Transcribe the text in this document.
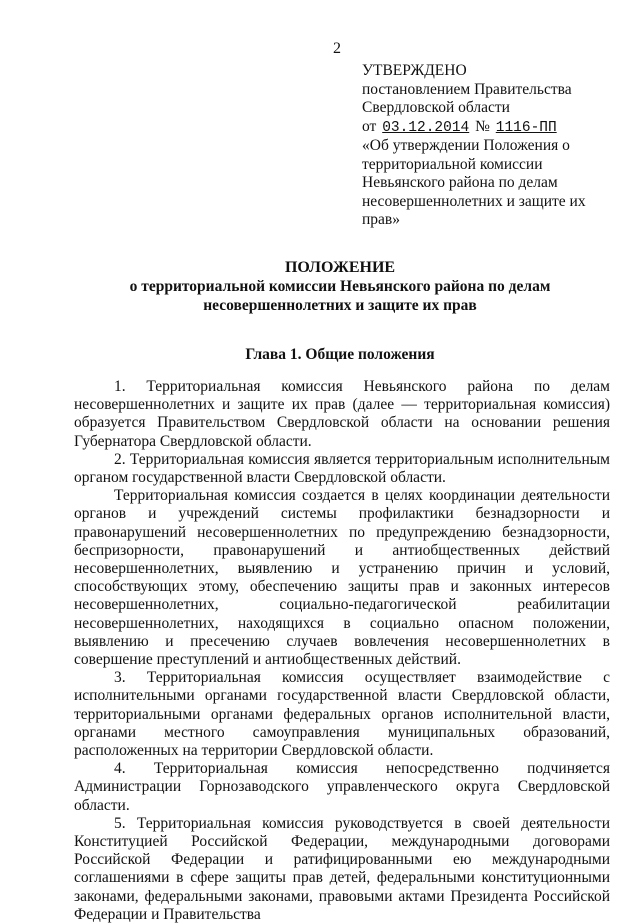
2
УТВЕРЖДЕНО
постановлением Правительства
Свердловской области
от 03.12.2014 № 1116-ПП
«Об утверждении Положения о территориальной комиссии Невьянского района по делам несовершеннолетних и защите их прав»
ПОЛОЖЕНИЕ
о территориальной комиссии Невьянского района по делам
несовершеннолетних и защите их прав
Глава 1. Общие положения

1. Территориальная комиссия Невьянского района по делам несовершеннолетних и защите их прав (далее — территориальная комиссия) образуется Правительством Свердловской области на основании решения Губернатора Свердловской области.

2. Территориальная комиссия является территориальным исполнительным органом государственной власти Свердловской области.

Территориальная комиссия создается в целях координации деятельности органов и учреждений системы профилактики безнадзорности и правонарушений несовершеннолетних по предупреждению безнадзорности, беспризорности, правонарушений и антиобщественных действий несовершеннолетних, выявлению и устранению причин и условий, способствующих этому, обеспечению защиты прав и законных интересов несовершеннолетних, социально-педагогической реабилитации несовершеннолетних, находящихся в социально опасном положении, выявлению и пресечению случаев вовлечения несовершеннолетних в совершение преступлений и антиобщественных действий.

3. Территориальная комиссия осуществляет взаимодействие с исполнительными органами государственной власти Свердловской области, территориальными органами федеральных органов исполнительной власти, органами местного самоуправления муниципальных образований, расположенных на территории Свердловской области.

4. Территориальная комиссия непосредственно подчиняется Администрации Горнозаводского управленческого округа Свердловской области.

5. Территориальная комиссия руководствуется в своей деятельности Конституцией Российской Федерации, международными договорами Российской Федерации и ратифицированными ею международными соглашениями в сфере защиты прав детей, федеральными конституционными законами, федеральными законами, правовыми актами Президента Российской Федерации и Правительства
